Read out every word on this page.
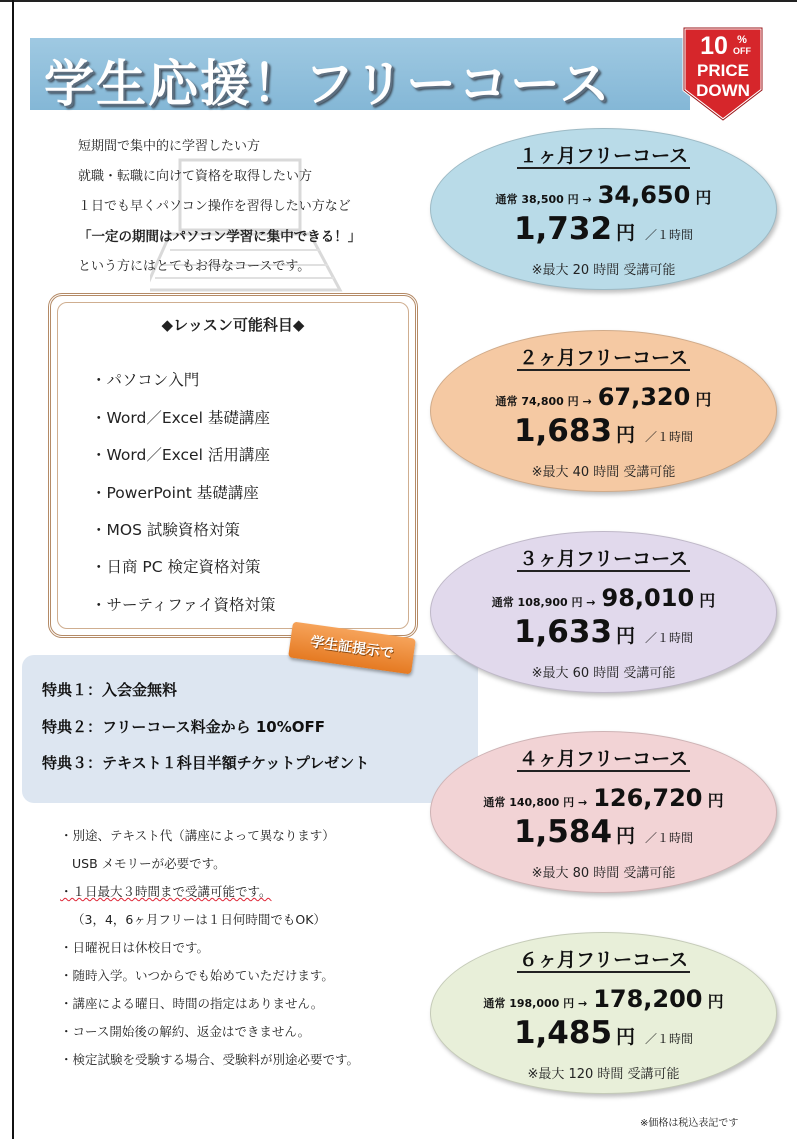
学生応援！フリーコース
10 %
OFF
PRICE
DOWN
短期間で集中的に学習したい方
就職・転職に向けて資格を取得したい方
１日でも早くパソコン操作を習得したい方など
「一定の期間はパソコン学習に集中できる！」
という方にはとてもお得なコースです。
◆レッスン可能科目◆
・パソコン入門
・Word／Excel 基礎講座
・Word／Excel 活用講座
・PowerPoint 基礎講座
・MOS 試験資格対策
・日商 PC 検定資格対策
・サーティファイ資格対策
特典１：入会金無料
特典２：フリーコース料金から 10%OFF
特典３：テキスト１科目半額チケットプレゼント
学生証提示で
・別途、テキスト代（講座によって異なります）
USB メモリーが必要です。
・１日最大３時間まで受講可能です。
（3，4，6ヶ月フリーは１日何時間でもOK）
・日曜祝日は休校日です。
・随時入学。いつからでも始めていただけます。
・講座による曜日、時間の指定はありません。
・コース開始後の解約、返金はできません。
・検定試験を受験する場合、受験料が別途必要です。
１ヶ月フリーコース
通常 38,500 円 → 34,650 円
1,732 円 ／１時間
※最大 20 時間 受講可能
２ヶ月フリーコース
通常 74,800 円 → 67,320 円
1,683 円 ／１時間
※最大 40 時間 受講可能
３ヶ月フリーコース
通常 108,900 円 → 98,010 円
1,633 円 ／１時間
※最大 60 時間 受講可能
４ヶ月フリーコース
通常 140,800 円 → 126,720 円
1,584 円 ／１時間
※最大 80 時間 受講可能
６ヶ月フリーコース
通常 198,000 円 → 178,200 円
1,485 円 ／１時間
※最大 120 時間 受講可能
※価格は税込表記です
